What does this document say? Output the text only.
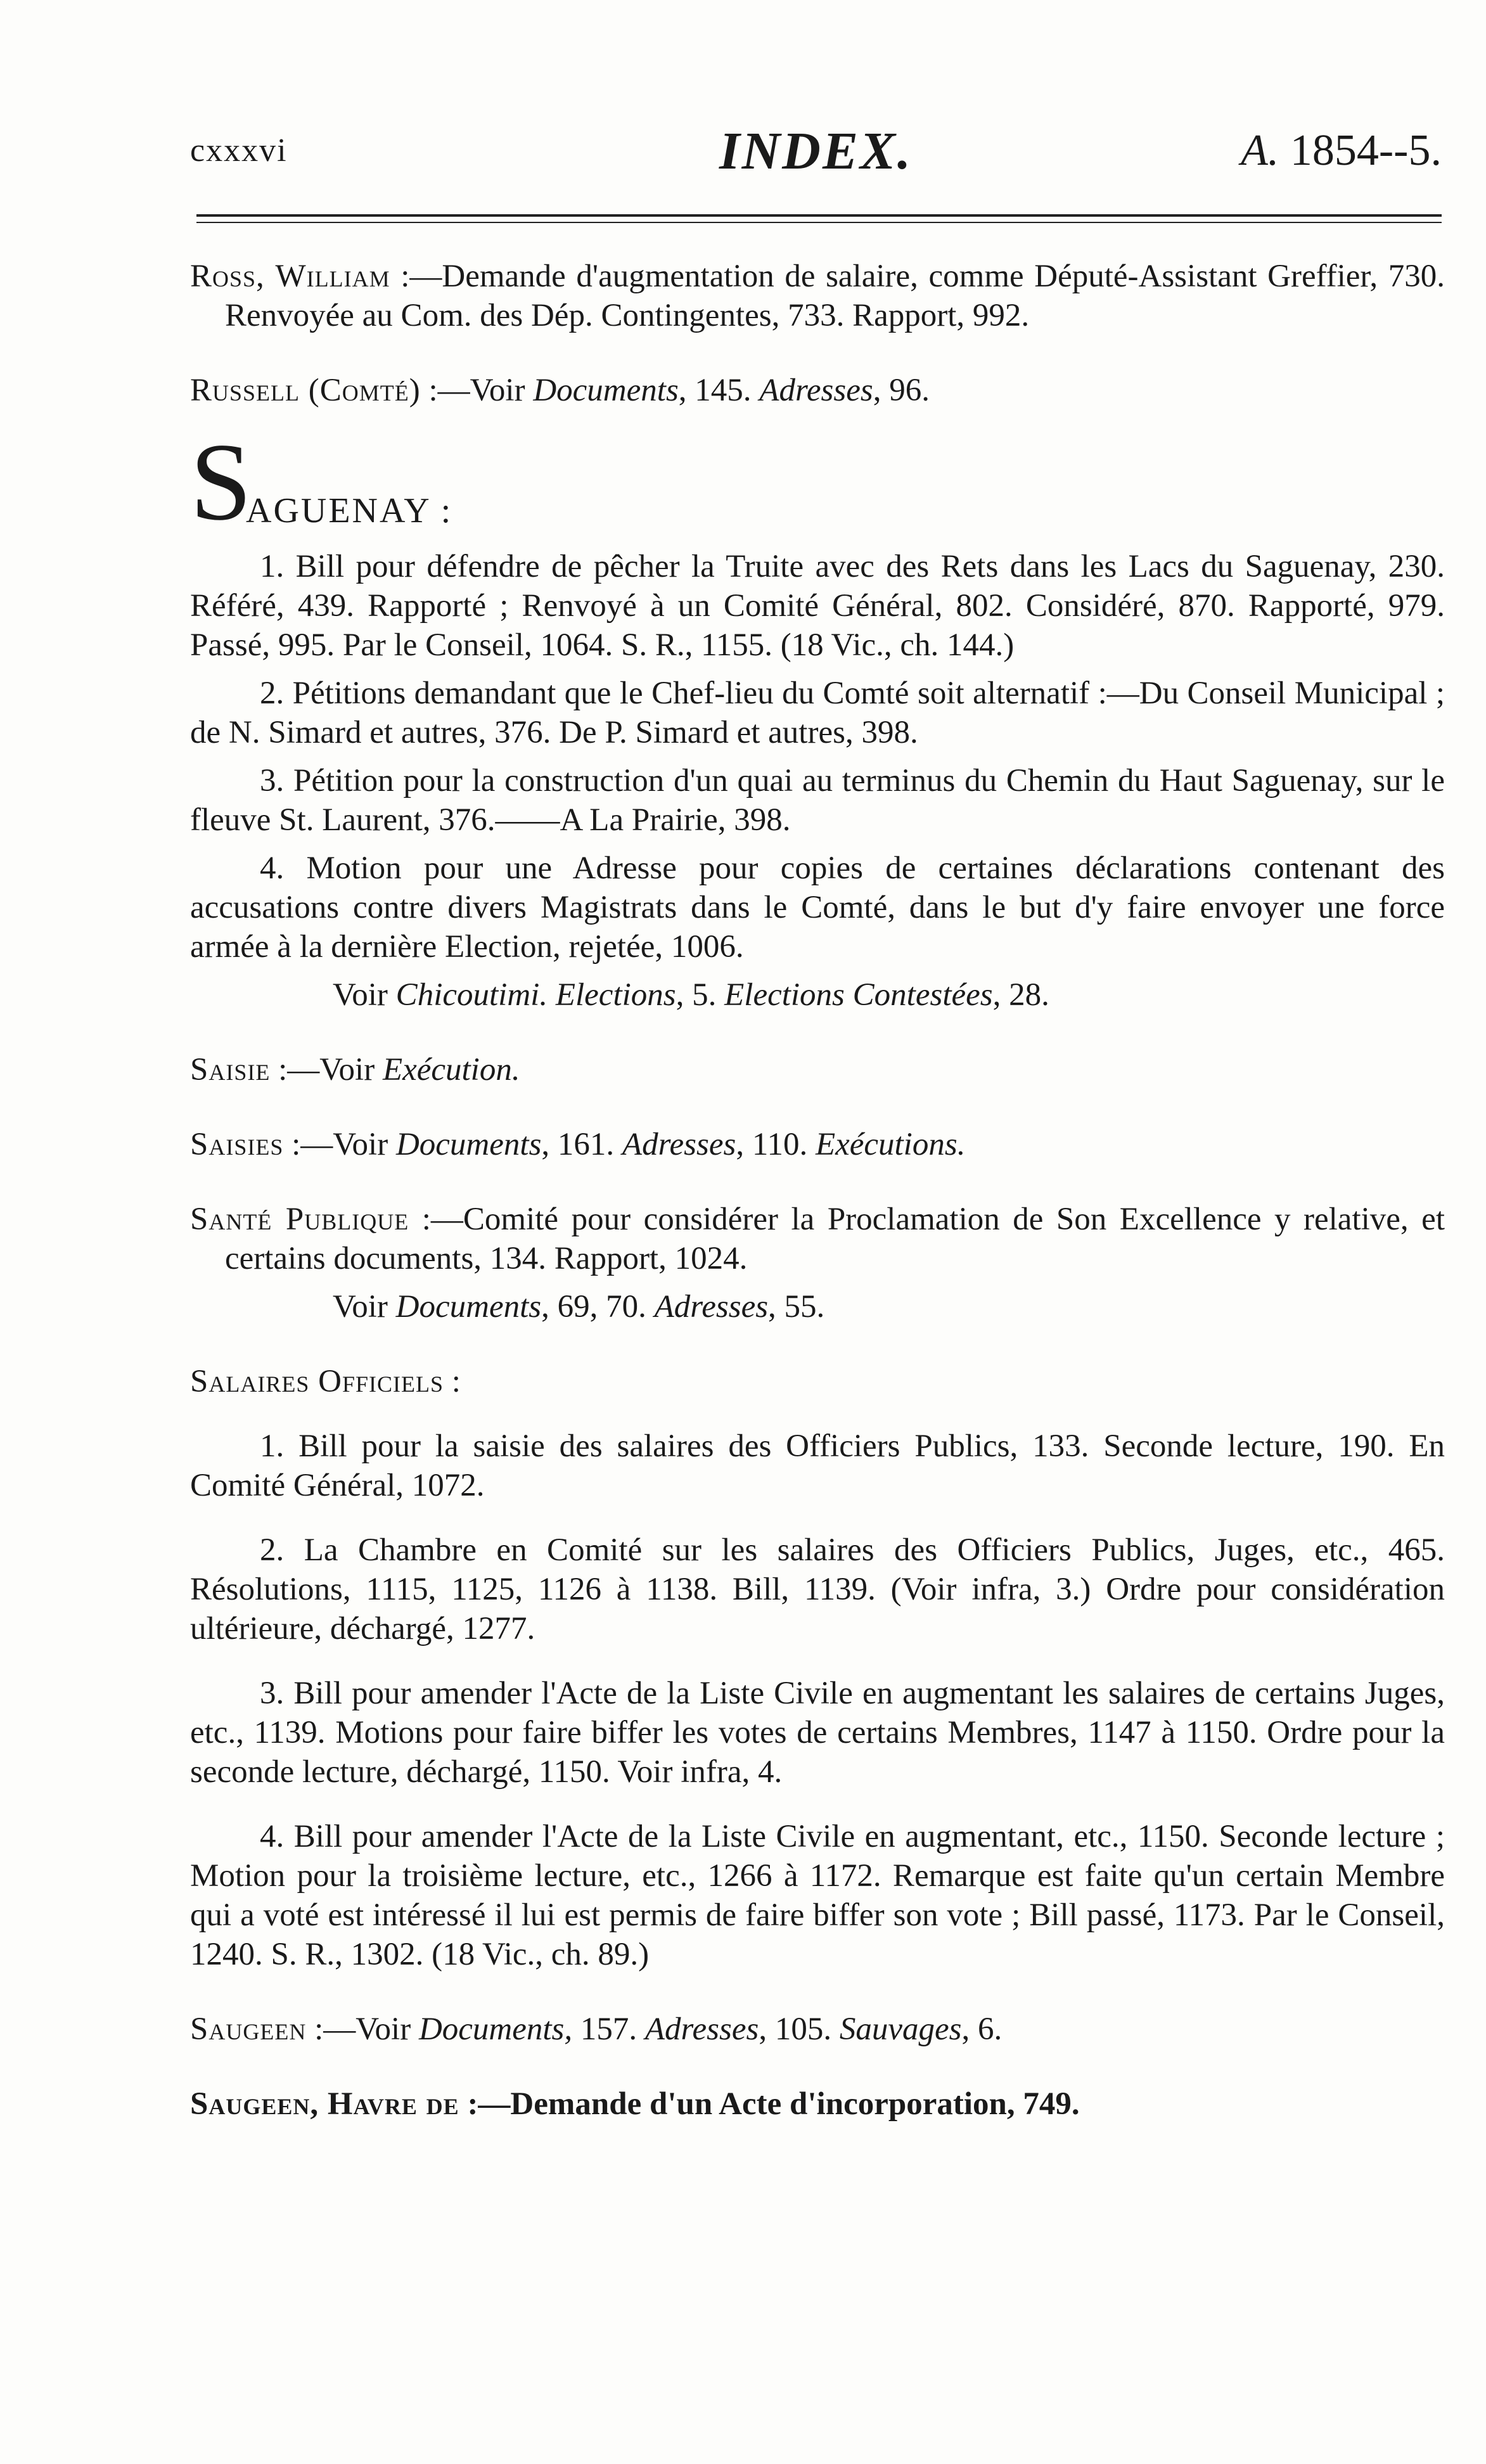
cxxxvi	INDEX.	A. 1854--5.

Ross, William :—Demande d'augmentation de salaire, comme Député-Assistant Greffier, 730. Renvoyée au Com. des Dép. Contingentes, 733. Rapport, 992.

Russell (Comté) :—Voir Documents, 145. Adresses, 96.

S
AGUENAY :

1. Bill pour défendre de pêcher la Truite avec des Rets dans les Lacs du Saguenay, 230. Référé, 439. Rapporté ; Renvoyé à un Comité Général, 802. Considéré, 870. Rapporté, 979. Passé, 995. Par le Conseil, 1064. S. R., 1155. (18 Vic., ch. 144.)

2. Pétitions demandant que le Chef-lieu du Comté soit alternatif :—Du Conseil Municipal ; de N. Simard et autres, 376. De P. Simard et autres, 398.

3. Pétition pour la construction d'un quai au terminus du Chemin du Haut Saguenay, sur le fleuve St. Laurent, 376.——A La Prairie, 398.

4. Motion pour une Adresse pour copies de certaines déclarations contenant des accusations contre divers Magistrats dans le Comté, dans le but d'y faire envoyer une force armée à la dernière Election, rejetée, 1006.

Voir Chicoutimi. Elections, 5. Elections Contestées, 28.

Saisie :—Voir Exécution.

Saisies :—Voir Documents, 161. Adresses, 110. Exécutions.

Santé Publique :—Comité pour considérer la Proclamation de Son Excellence y relative, et certains documents, 134. Rapport, 1024.

Voir Documents, 69, 70. Adresses, 55.

Salaires Officiels :

1. Bill pour la saisie des salaires des Officiers Publics, 133. Seconde lecture, 190. En Comité Général, 1072.

2. La Chambre en Comité sur les salaires des Officiers Publics, Juges, etc., 465. Résolutions, 1115, 1125, 1126 à 1138. Bill, 1139. (Voir infra, 3.) Ordre pour considération ultérieure, déchargé, 1277.

3. Bill pour amender l'Acte de la Liste Civile en augmentant les salaires de certains Juges, etc., 1139. Motions pour faire biffer les votes de certains Membres, 1147 à 1150. Ordre pour la seconde lecture, déchargé, 1150. Voir infra, 4.

4. Bill pour amender l'Acte de la Liste Civile en augmentant, etc., 1150. Seconde lecture ; Motion pour la troisième lecture, etc., 1266 à 1172. Remarque est faite qu'un certain Membre qui a voté est intéressé il lui est permis de faire biffer son vote ; Bill passé, 1173. Par le Conseil, 1240. S. R., 1302. (18 Vic., ch. 89.)

Saugeen :—Voir Documents, 157. Adresses, 105. Sauvages, 6.

Saugeen, Havre de :—Demande d'un Acte d'incorporation, 749.
